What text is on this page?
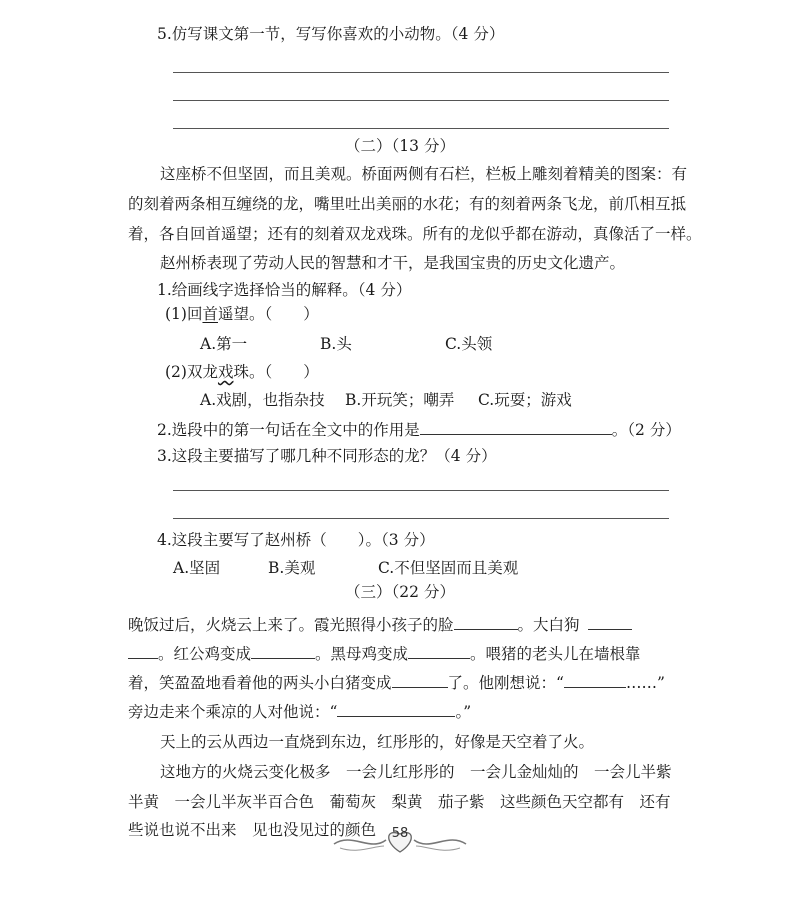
5.仿写课文第一节，写写你喜欢的小动物。（4 分）
（二）（13 分）
这座桥不但坚固，而且美观。桥面两侧有石栏，栏板上雕刻着精美的图案：有
的刻着两条相互缠绕的龙，嘴里吐出美丽的水花；有的刻着两条飞龙，前爪相互抵
着，各自回首遥望；还有的刻着双龙戏珠。所有的龙似乎都在游动，真像活了一样。
赵州桥表现了劳动人民的智慧和才干，是我国宝贵的历史文化遗产。
1.给画线字选择恰当的解释。（4 分）
(1)回首遥望。（　　）
A.第一	B.头	C.头领
(2)双龙戏珠。（　　）
A.戏剧，也指杂技 B.开玩笑；嘲弄 C.玩耍；游戏
2.选段中的第一句话在全文中的作用是	。（2 分）
3.这段主要描写了哪几种不同形态的龙？（4 分）
4.这段主要写了赵州桥（　　）。（3 分）
A.坚固	B.美观	C.不但坚固而且美观
（三）（22 分）
晚饭过后，火烧云上来了。霞光照得小孩子的脸	。大白狗
。红公鸡变成	。黑母鸡变成	。喂猪的老头儿在墙根靠
着，笑盈盈地看着他的两头小白猪变成	了。他刚想说：“	……”
旁边走来个乘凉的人对他说：“	。”
天上的云从西边一直烧到东边，红彤彤的，好像是天空着了火。
这地方的火烧云变化极多　一会儿红彤彤的　一会儿金灿灿的　一会儿半紫
半黄　一会儿半灰半百合色　葡萄灰　梨黄　茄子紫　这些颜色天空都有　还有
些说也说不出来　见也没见过的颜色	58
